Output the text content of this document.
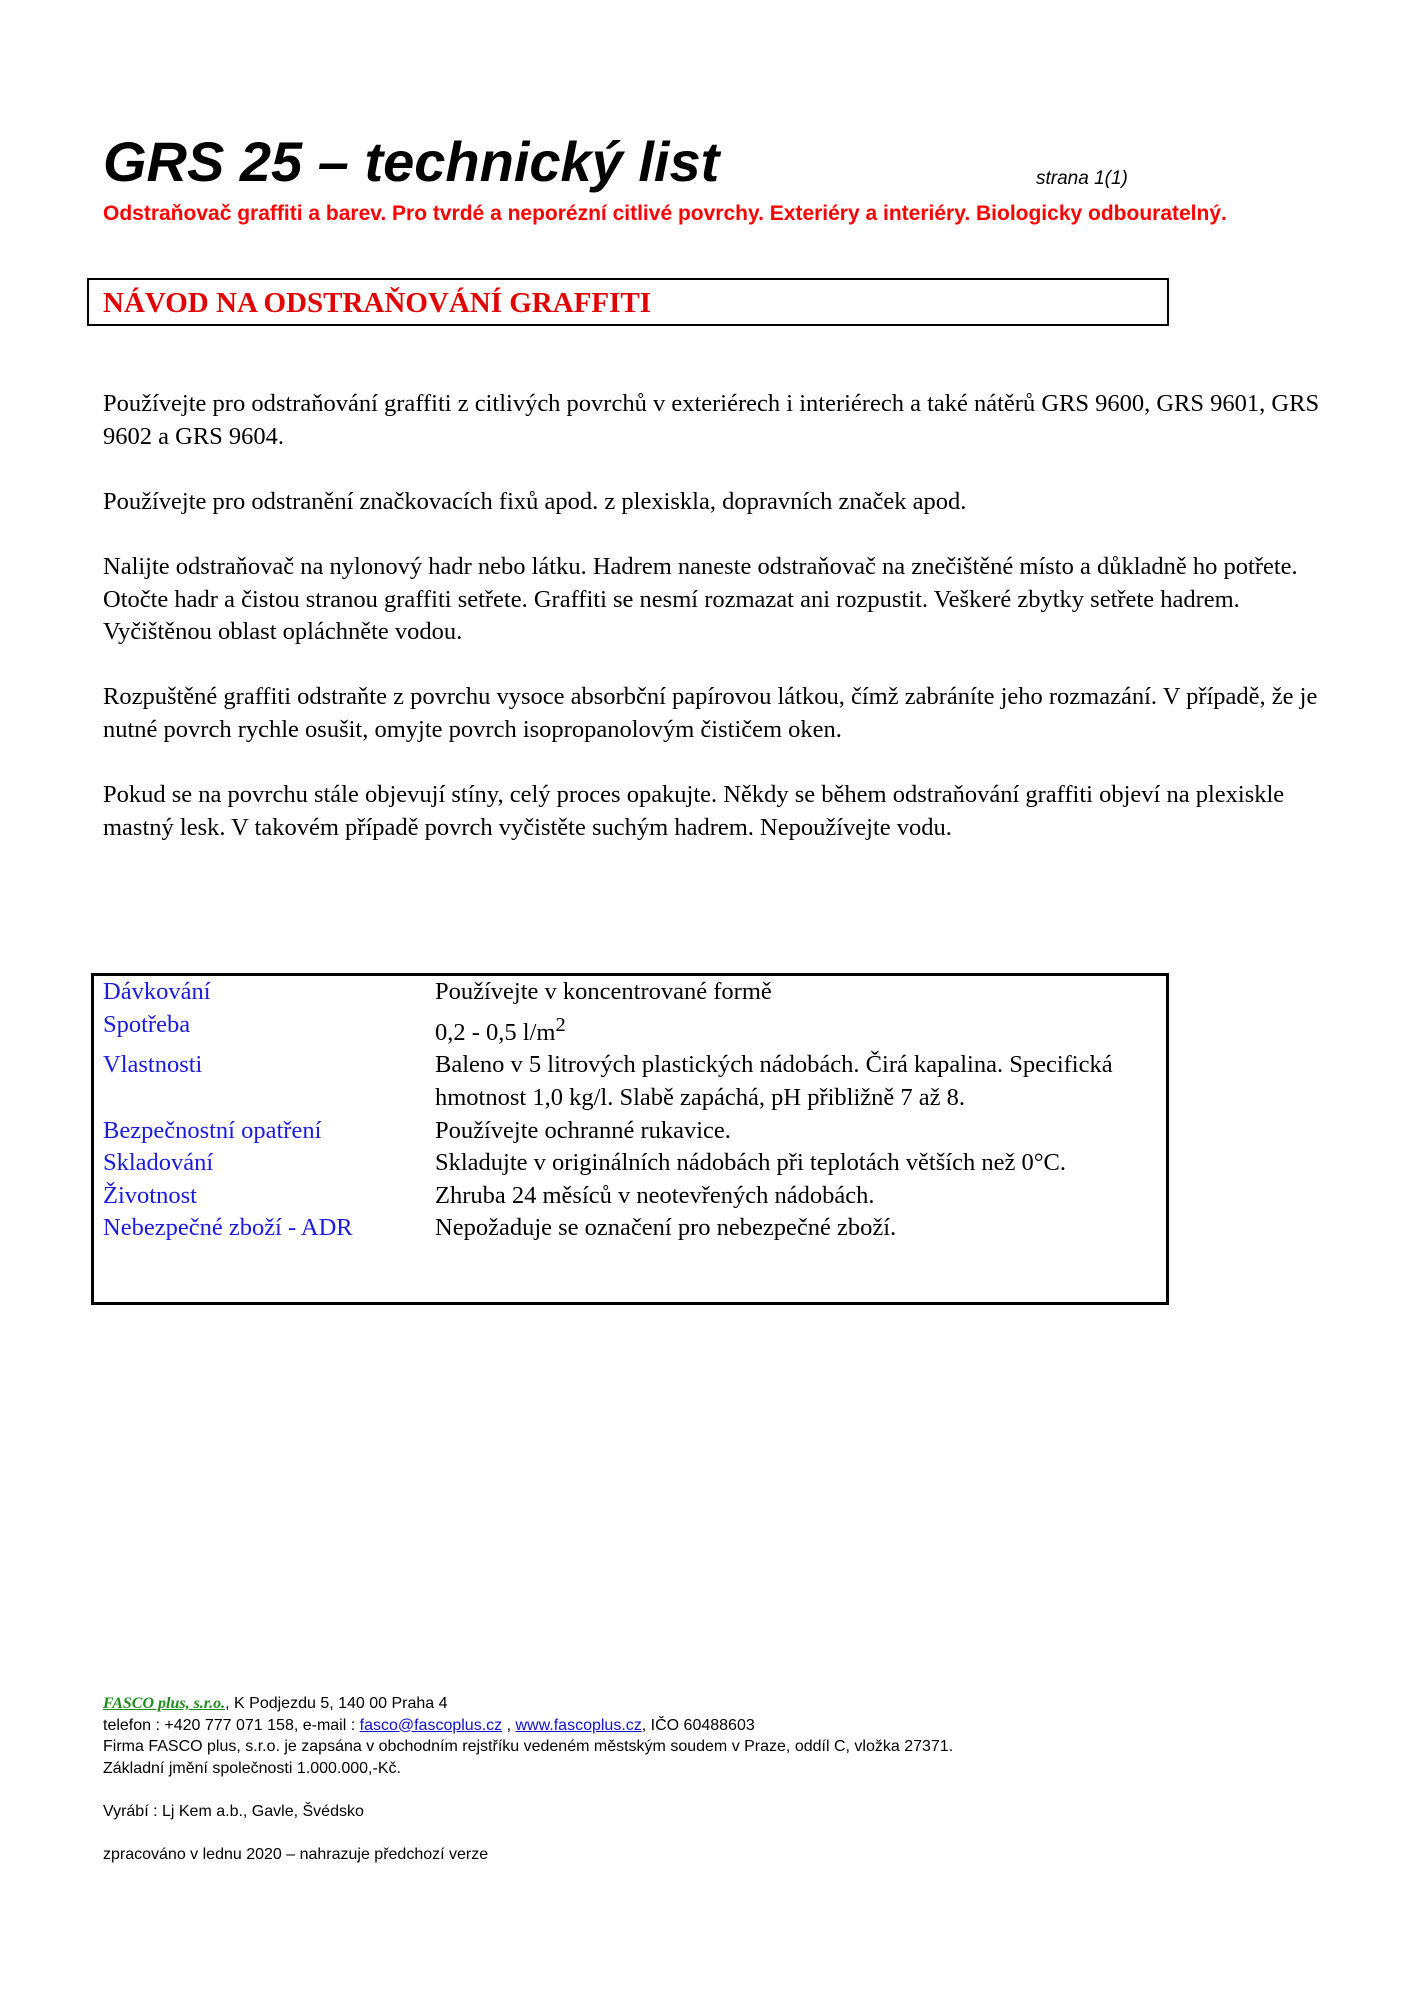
GRS 25 – technický list	strana 1(1)

Odstraňovač graffiti a barev. Pro tvrdé a neporézní citlivé povrchy. Exteriéry a interiéry. Biologicky odbouratelný.

NÁVOD NA ODSTRAŇOVÁNÍ GRAFFITI

Používejte pro odstraňování graffiti z citlivých povrchů v exteriérech i interiérech a také nátěrů GRS 9600, GRS 9601, GRS 9602 a GRS 9604.

Používejte pro odstranění značkovacích fixů apod. z plexiskla, dopravních značek apod.

Nalijte odstraňovač na nylonový hadr nebo látku. Hadrem naneste odstraňovač na znečištěné místo a důkladně ho potřete. Otočte hadr a čistou stranou graffiti setřete. Graffiti se nesmí rozmazat ani rozpustit. Veškeré zbytky setřete hadrem. Vyčištěnou oblast opláchněte vodou.

Rozpuštěné graffiti odstraňte z povrchu vysoce absorbční papírovou látkou, čímž zabráníte jeho rozmazání. V případě, že je nutné povrch rychle osušit, omyjte povrch isopropanolovým čističem oken.

Pokud se na povrchu stále objevují stíny, celý proces opakujte. Někdy se během odstraňování graffiti objeví na plexiskle mastný lesk. V takovém případě povrch vyčistěte suchým hadrem. Nepoužívejte vodu.

Dávkování	Používejte v koncentrované formě
Spotřeba	0,2 - 0,5 $l/m^2$
Vlastnosti	Baleno v 5 litrových plastických nádobách. Čirá kapalina. Specifická hmotnost 1,0 kg/l. Slabě zapáchá, pH přibližně 7 až 8.
Bezpečnostní opatření	Používejte ochranné rukavice.
Skladování	Skladujte v originálních nádobách při teplotách větších než 0°C.
Životnost	Zhruba 24 měsíců v neotevřených nádobách.
Nebezpečné zboží - ADR	Nepožaduje se označení pro nebezpečné zboží.
FASCO plus, s.r.o., K Podjezdu 5, 140 00 Praha 4
telefon : +420 777 071 158, e-mail : fasco@fascoplus.cz , www.fascoplus.cz, IČO 60488603
Firma FASCO plus, s.r.o. je zapsána v obchodním rejstříku vedeném městským soudem v Praze, oddíl C, vložka 27371.
Základní jmění společnosti 1.000.000,-Kč.
Vyrábí : Lj Kem a.b., Gavle, Švédsko
zpracováno v lednu 2020 – nahrazuje předchozí verze
